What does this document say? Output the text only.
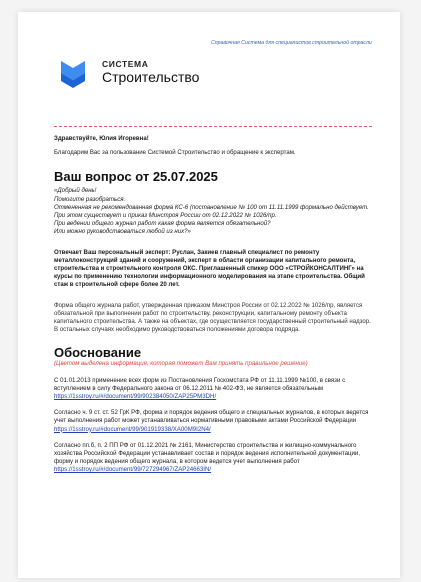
Справочная Система для специалистов строительной отрасли
СИСТЕМА
Строительство

Здравствуйте, Юлия Игоревна!

Благодарим Вас за пользование Системой Строительство и обращение к экспертам.

Ваш вопрос от 25.07.2025
«Добрый день!
Помогите разобраться.
Отмененная не рекомендованная форма КС-6 (постановление № 100 от 11.11.1999 формально действует.
При этом существует и приказ Минстроя России от 02.12.2022 № 1026/пр.
При ведении общего журнал работ какая форма является обязательной?
Или можно руководствоваться любой из них?»

Отвечает Ваш персональный эксперт: Руслан, Закиев главный специалист по ремонту металлоконструкций зданий и сооружений, эксперт в области организации капитального ремонта, строительства и строительного контроля ОКС. Приглашенный спикер ООО «СТРОЙКОНСАЛТИНГ» на курсы по применению технологии информационного моделирования на этапе строительства. Общий стаж в строительной сфере более 20 лет.

Форма общего журнала работ, утвержденная приказом Минстроя России от 02.12.2022 № 1026/пр, является обязательной при выполнении работ по строительству, реконструкции, капитальному ремонту объекта капитального строительства. А также на объектах, где осуществляется государственный строительный надзор. В остальных случаях необходимо руководствоваться положениями договора подряда.

Обоснование

(Цветом выделена информация, которая поможет Вам принять правильное решение)

С 01.01.2013 применение всех форм из Постановления Госкомстата РФ от 11.11.1999 №100, в связи с вступлением в силу Федерального закона от 06.12.2011 № 402-ФЗ, не является обязательным https://1sstroy.ru/#/document/99/902384050/ZAP25PM3DH/

Согласно ч. 9 ст. ст. 52 ГрК РФ, форма и порядок ведения общего и специальных журналов, в которых ведется учет выполнения работ может устанавливаться нормативными правовыми актами Российской Федерации https://1sstroy.ru/#document/99/901919338/XA00M9I2N4/

Согласно пп.б, п. 2 ПП РФ от 01.12.2021 № 2161, Министерство строительства и жилищно-коммунального хозяйства Российской Федерации устанавливает состав и порядок ведения исполнительной документации, форму и порядок ведения общего журнала, в котором ведется учет выполнения работ https://1sstroy.ru/#/document/99/727294967/ZAP24663IN/
